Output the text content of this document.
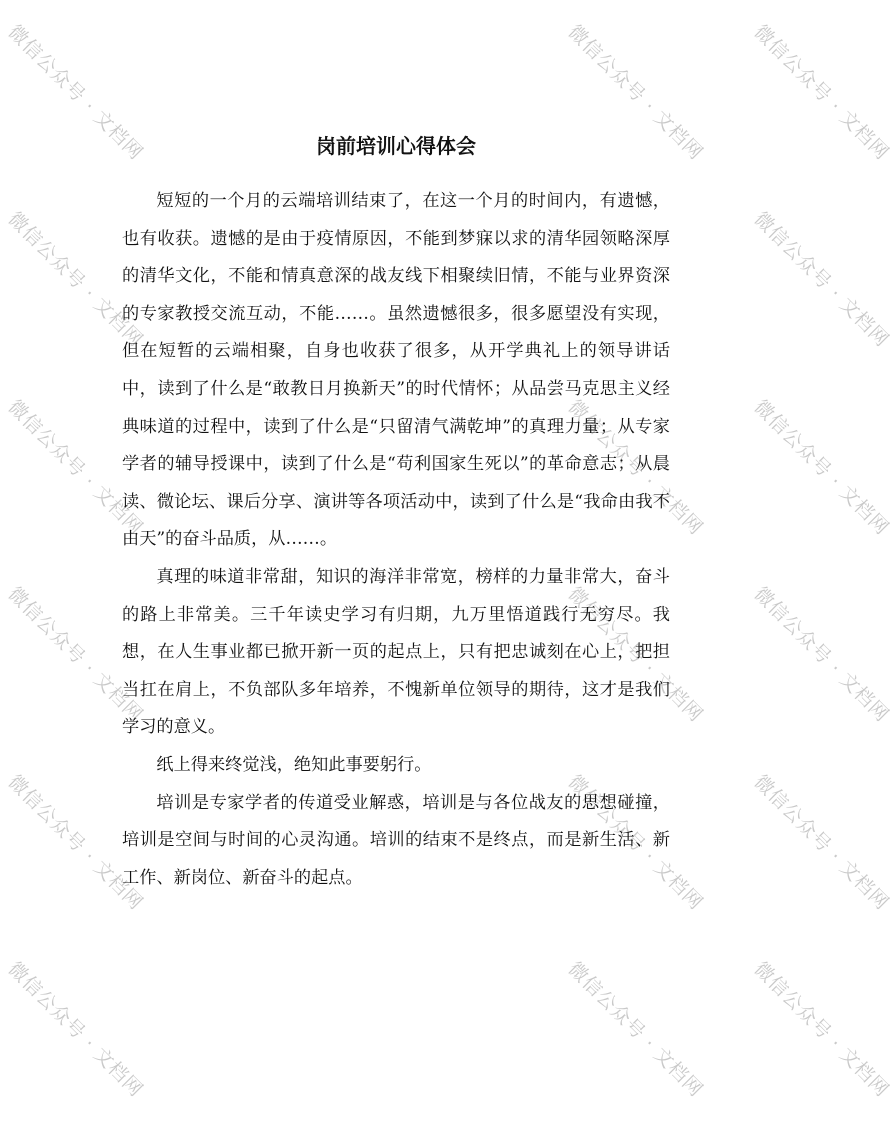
微信公众号 · 文档网	微信公众号 · 文档网 微信公众号 · 文档网
微信公众号 · 文档网	微信公众号 · 文档网
微信公众号 · 文档网	微信公众号 · 文档网 微信公众号 · 文档网
微信公众号 · 文档网	微信公众号 · 文档网 微信公众号 · 文档网
微信公众号 · 文档网	微信公众号 · 文档网 微信公众号 · 文档网
微信公众号 · 文档网	微信公众号 · 文档网 微信公众号 · 文档网
岗前培训心得体会

短短的一个月的云端培训结束了，在这一个月的时间内，有遗憾，也有收获。遗憾的是由于疫情原因，不能到梦寐以求的清华园领略深厚的清华文化，不能和情真意深的战友线下相聚续旧情，不能与业界资深的专家教授交流互动，不能……。虽然遗憾很多，很多愿望没有实现，但在短暂的云端相聚，自身也收获了很多，从开学典礼上的领导讲话中，读到了什么是“敢教日月换新天”的时代情怀；从品尝马克思主义经典味道的过程中，读到了什么是“只留清气满乾坤”的真理力量；从专家学者的辅导授课中，读到了什么是“苟利国家生死以”的革命意志；从晨读、微论坛、课后分享、演讲等各项活动中，读到了什么是“我命由我不由天”的奋斗品质，从……。

真理的味道非常甜，知识的海洋非常宽，榜样的力量非常大，奋斗的路上非常美。三千年读史学习有归期，九万里悟道践行无穷尽。我想，在人生事业都已掀开新一页的起点上，只有把忠诚刻在心上，把担当扛在肩上，不负部队多年培养，不愧新单位领导的期待，这才是我们学习的意义。

纸上得来终觉浅，绝知此事要躬行。

培训是专家学者的传道受业解惑，培训是与各位战友的思想碰撞，培训是空间与时间的心灵沟通。培训的结束不是终点，而是新生活、新工作、新岗位、新奋斗的起点。
